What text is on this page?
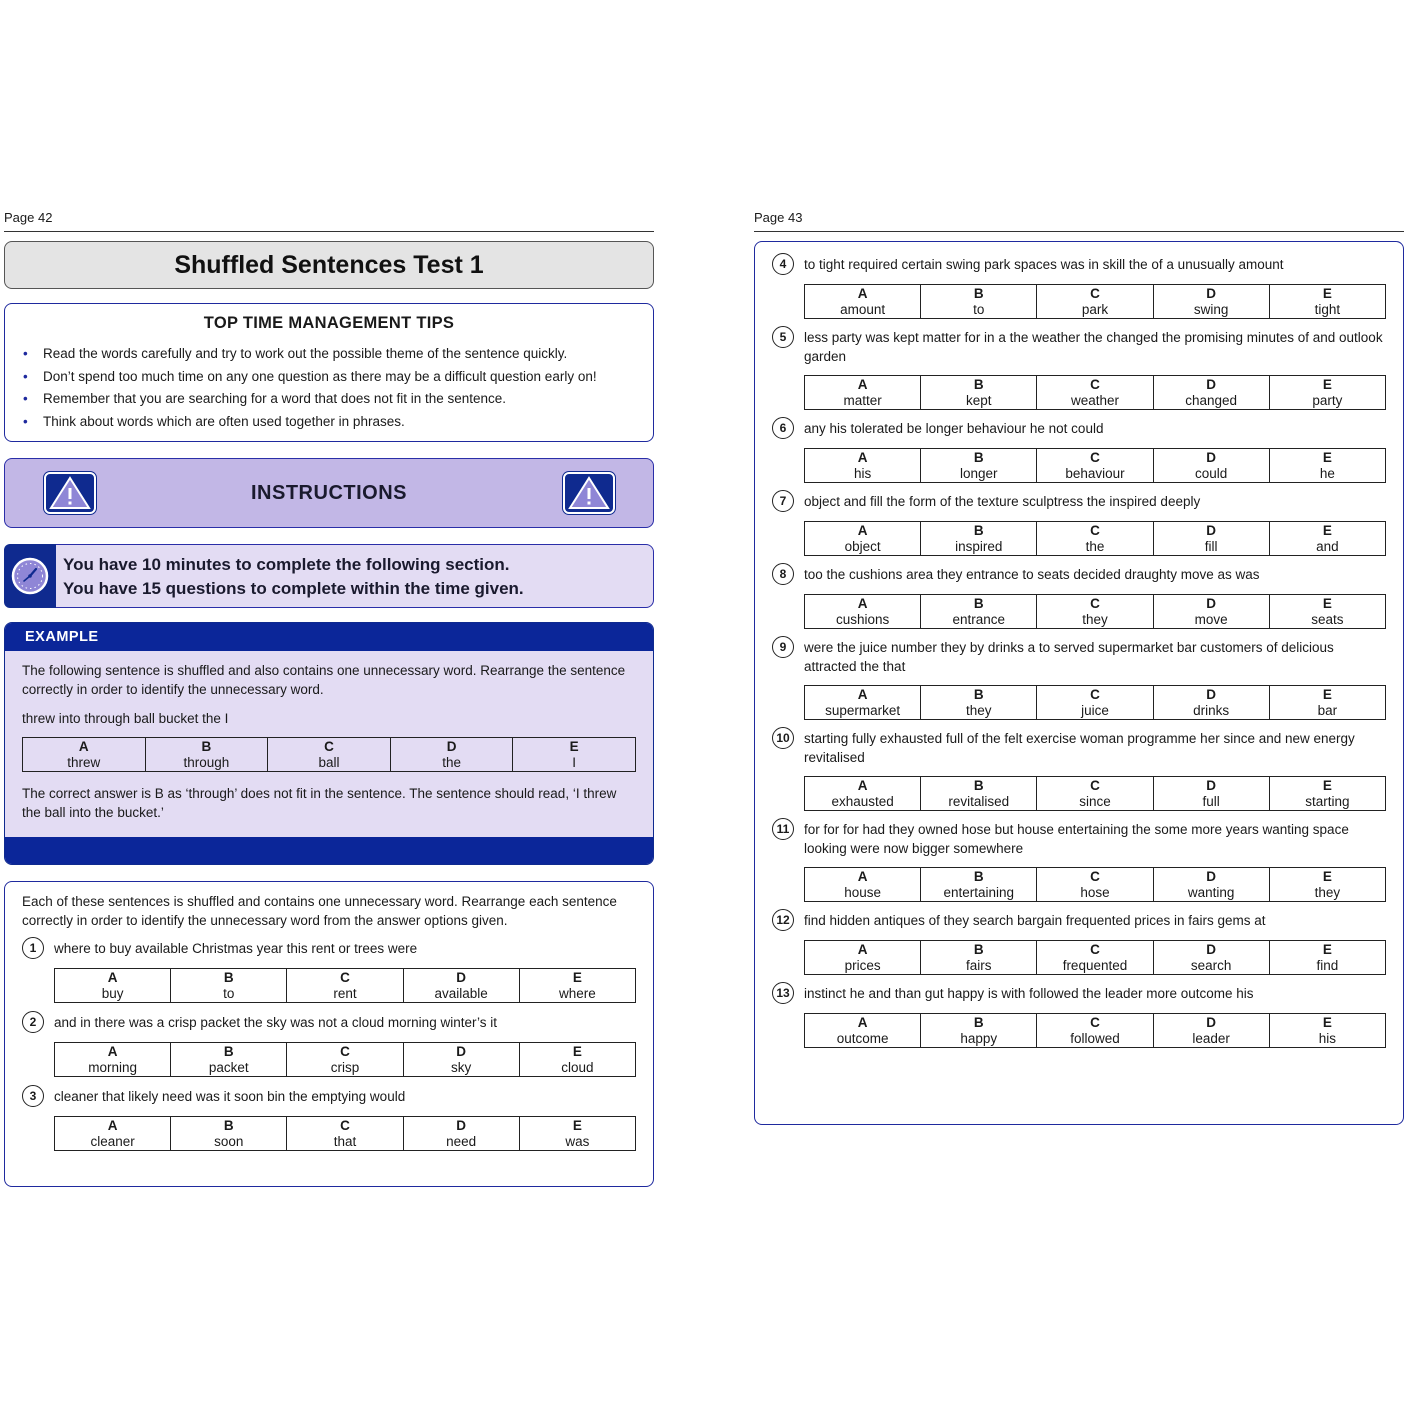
Page 42
Shuffled Sentences Test 1
TOP TIME MANAGEMENT TIPS
• Read the words carefully and try to work out the possible theme of the sentence quickly.
• Don’t spend too much time on any one question as there may be a difficult question early on!
• Remember that you are searching for a word that does not fit in the sentence.
• Think about words which are often used together in phrases.
INSTRUCTIONS
You have 10 minutes to complete the following section.
You have 15 questions to complete within the time given.
EXAMPLE

The following sentence is shuffled and also contains one unnecessary word. Rearrange the sentence correctly in order to identify the unnecessary word.

threw into through ball bucket the I

A	B	C	D	E
threw	through	ball	the	I

The correct answer is B as ‘through’ does not fit in the sentence. The sentence should read, ‘I threw the ball into the bucket.’

Each of these sentences is shuffled and contains one unnecessary word. Rearrange each sentence correctly in order to identify the unnecessary word from the answer options given.
1	where to buy available Christmas year this rent or trees were
A	B	C	D	E
buy	to	rent	available	where
2	and in there was a crisp packet the sky was not a cloud morning winter’s it
A	B	C	D	E
morning	packet	crisp	sky	cloud
3	cleaner that likely need was it soon bin the emptying would
A	B	C	D	E
cleaner	soon	that	need	was
Page 43
4	to tight required certain swing park spaces was in skill the of a unusually amount
A	B	C	D	E
amount	to	park	swing	tight
5	less party was kept matter for in a the weather the changed the promising minutes of and outlook garden
A	B	C	D	E
matter	kept	weather	changed	party
6	any his tolerated be longer behaviour he not could
A	B	C	D	E
his	longer	behaviour	could	he
7	object and fill the form of the texture sculptress the inspired deeply
A	B	C	D	E
object	inspired	the	fill	and
8	too the cushions area they entrance to seats decided draughty move as was
A	B	C	D	E
cushions	entrance	they	move	seats
9	were the juice number they by drinks a to served supermarket bar customers of delicious attracted the that
A	B	C	D	E
supermarket	they	juice	drinks	bar
10	starting fully exhausted full of the felt exercise woman programme her since and new energy revitalised
A	B	C	D	E
exhausted	revitalised	since	full	starting
11	for for for had they owned hose but house entertaining the some more years wanting space looking were now bigger somewhere
A	B	C	D	E
house	entertaining	hose	wanting	they
12	find hidden antiques of they search bargain frequented prices in fairs gems at
A	B	C	D	E
prices	fairs	frequented	search	find
13	instinct he and than gut happy is with followed the leader more outcome his
A	B	C	D	E
outcome	happy	followed	leader	his
